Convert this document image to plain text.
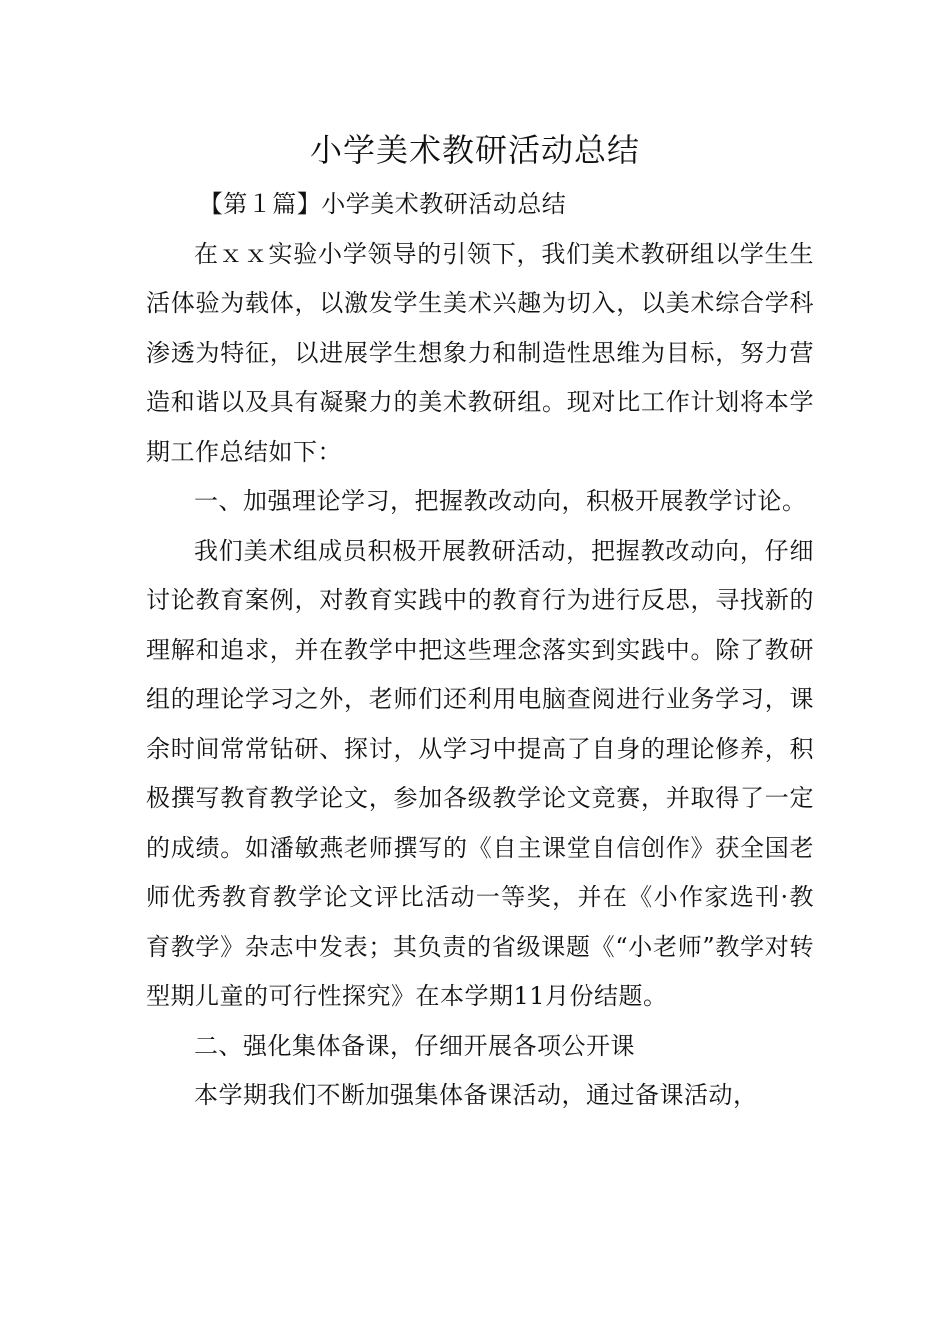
小学美术教研活动总结

【第１篇】小学美术教研活动总结

在ｘｘ实验小学领导的引领下，我们美术教研组以学生生活体验为载体，以激发学生美术兴趣为切入，以美术综合学科渗透为特征，以进展学生想象力和制造性思维为目标，努力营造和谐以及具有凝聚力的美术教研组。现对比工作计划将本学期工作总结如下：

一、加强理论学习，把握教改动向，积极开展教学讨论。

我们美术组成员积极开展教研活动，把握教改动向，仔细讨论教育案例，对教育实践中的教育行为进行反思，寻找新的理解和追求，并在教学中把这些理念落实到实践中。除了教研组的理论学习之外，老师们还利用电脑查阅进行业务学习，课余时间常常钻研、探讨，从学习中提高了自身的理论修养，积极撰写教育教学论文，参加各级教学论文竞赛，并取得了一定的成绩。如潘敏燕老师撰写的《自主课堂自信创作》获全国老师优秀教育教学论文评比活动一等奖，并在《小作家选刊·教育教学》杂志中发表；其负责的省级课题《“小老师”教学对转型期儿童的可行性探究》在本学期11月份结题。

二、强化集体备课，仔细开展各项公开课

本学期我们不断加强集体备课活动，通过备课活动，
